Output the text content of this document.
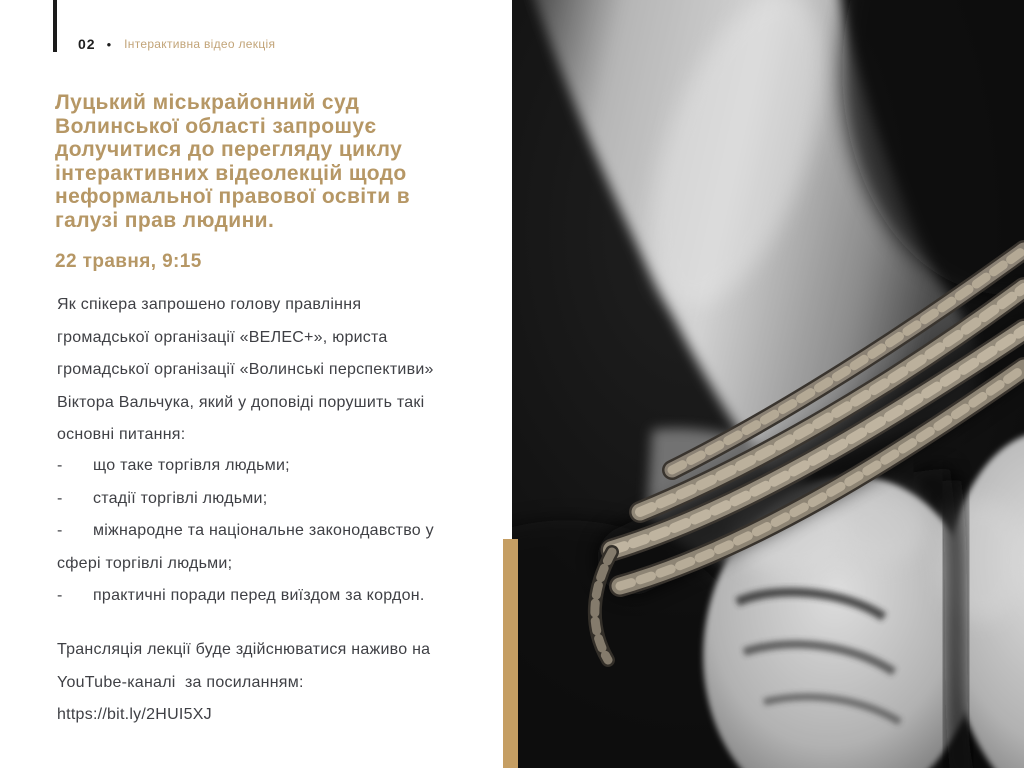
02 • Інтерактивна відео лекція
Луцький міськрайонний суд
Волинської області запрошує
долучитися до перегляду циклу
інтерактивних відеолекцій щодо
неформальної правової освіти в
галузі прав людини.
22 травня, 9:15
Як спікера запрошено голову правління
громадської організації «ВЕЛЕС+», юриста
громадської організації «Волинські перспективи»
Віктора Вальчука, який у доповіді порушить такі
основні питання:
- що таке торгівля людьми;
- стадії торгівлі людьми;
- міжнародне та національне законодавство у
сфері торгівлі людьми;
- практичні поради перед виїздом за кордон.
Трансляція лекції буде здійснюватися наживо на
YouTube-каналі  за посиланням:
https://bit.ly/2HUI5XJ
